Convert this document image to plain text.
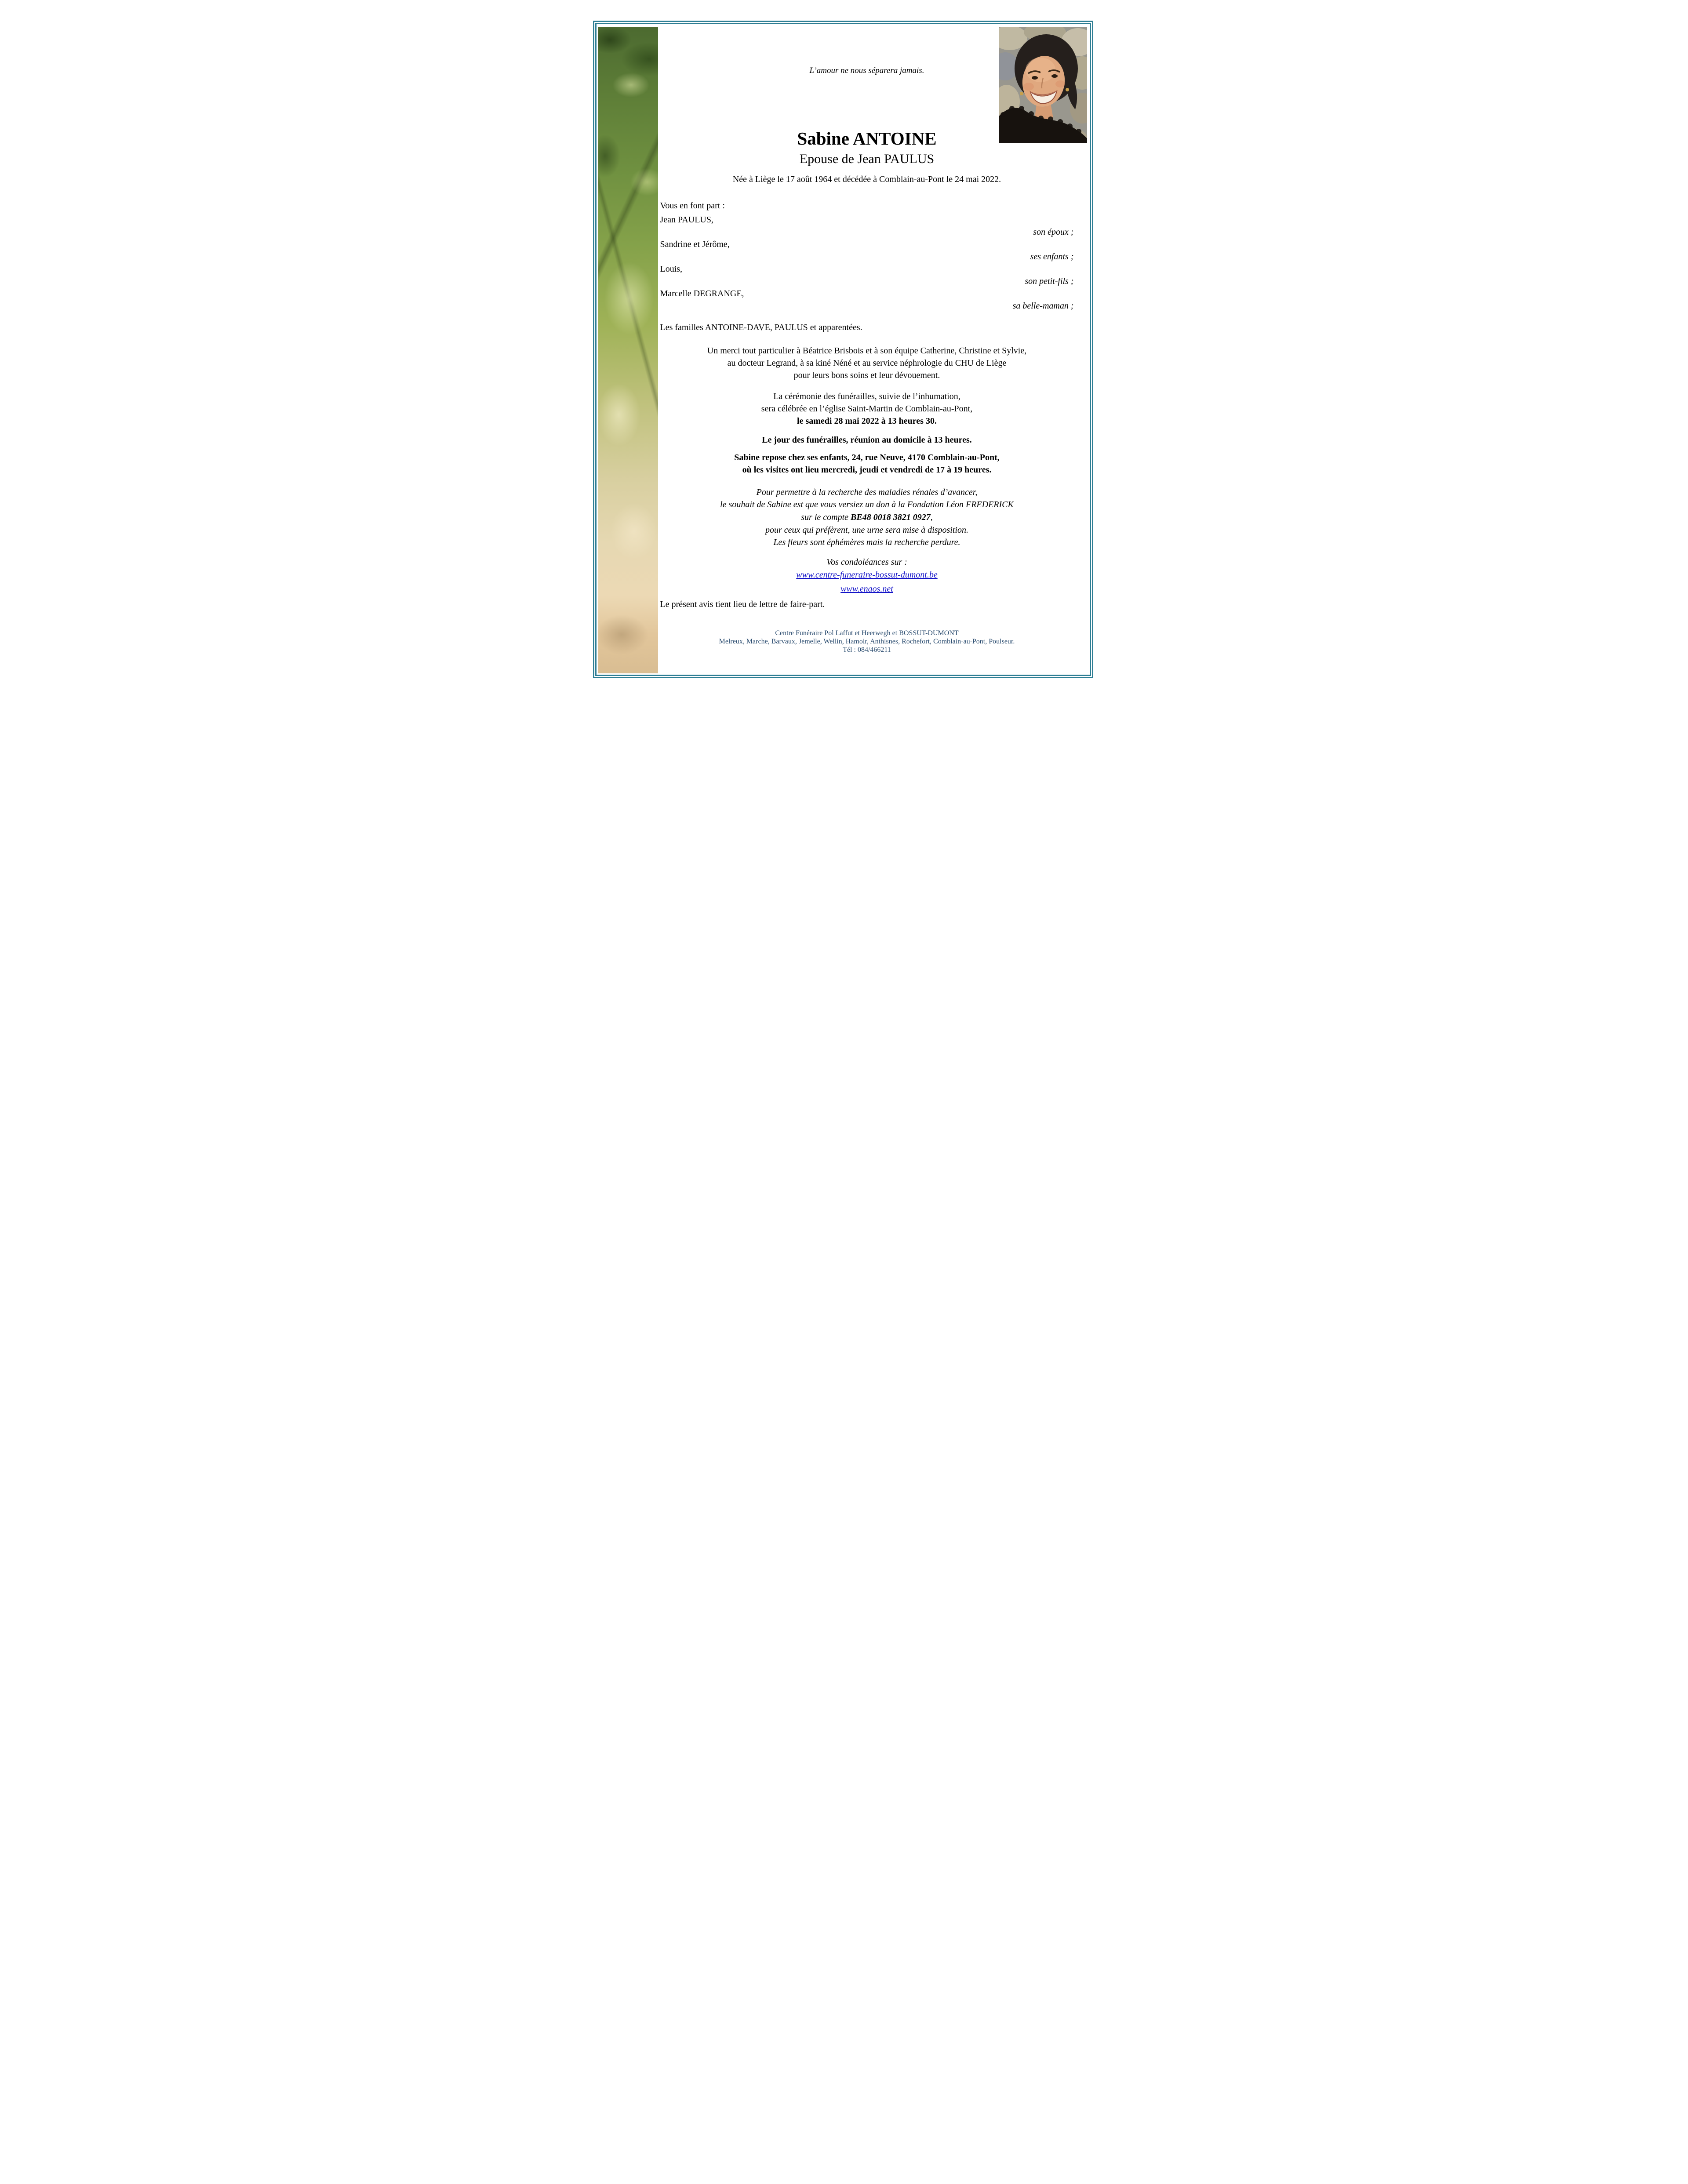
L’amour ne nous séparera jamais.
Sabine ANTOINE
Epouse de Jean PAULUS
Née à Liège le 17 août 1964 et décédée à Comblain-au-Pont le 24 mai 2022.
Vous en font part :
Jean PAULUS,
son époux ;
Sandrine et Jérôme,
ses enfants ;
Louis,
son petit-fils ;
Marcelle DEGRANGE,
sa belle-maman ;
Les familles ANTOINE-DAVE, PAULUS et apparentées.
Un merci tout particulier à Béatrice Brisbois et à son équipe Catherine, Christine et Sylvie,
au docteur Legrand, à sa kiné Néné et au service néphrologie du CHU de Liège
pour leurs bons soins et leur dévouement.
La cérémonie des funérailles, suivie de l’inhumation,
sera célébrée en l’église Saint-Martin de Comblain-au-Pont,
le samedi 28 mai 2022 à 13 heures 30.
Le jour des funérailles, réunion au domicile à 13 heures.
Sabine repose chez ses enfants, 24, rue Neuve, 4170 Comblain-au-Pont,
où les visites ont lieu mercredi, jeudi et vendredi de 17 à 19 heures.
Pour permettre à la recherche des maladies rénales d’avancer,
le souhait de Sabine est que vous versiez un don à la Fondation Léon FREDERICK
sur le compte BE48 0018 3821 0927,
pour ceux qui préfèrent, une urne sera mise à disposition.
Les fleurs sont éphémères mais la recherche perdure.
Vos condoléances sur :
www.centre-funeraire-bossut-dumont.be
www.enaos.net
Le présent avis tient lieu de lettre de faire-part.
Centre Funéraire Pol Laffut et Heerwegh et BOSSUT-DUMONT
Melreux, Marche, Barvaux, Jemelle, Wellin, Hamoir, Anthisnes, Rochefort, Comblain-au-Pont, Poulseur.
Tél : 084/466211
